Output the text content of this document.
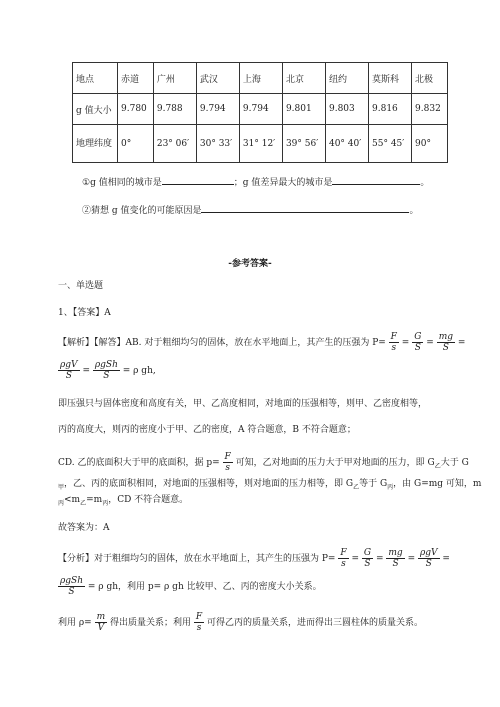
地点	赤道	广州	武汉	上海	北京	纽约	莫斯科	北极
g 值大小	9.780	9.788	9.794	9.794	9.801	9.803	9.816	9.832
地理纬度	0°	23° 06′	30° 33′	31° 12′	39° 56′	40° 40′	55° 45′	90°
①g 值相同的城市是	；g 值差异最大的城市是	。
②猜想 g 值变化的可能原因是	。
-参考答案-
一、单选题
1、【答案】A
【解析】【解答】AB. 对于粗细均匀的固体，放在水平地面上，其产生的压强为 $P= \frac{F}{s} = \frac{G}{S} = \frac{mg}{S}$ =
$\frac{\text{ρgV}}{S} = \frac{\text{ρgSh}}{S} = \rho$ gh,
即压强只与固体密度和高度有关，甲、乙高度相同，对地面的压强相等，则甲、乙密度相等，
丙的高度大，则丙的密度小于甲、乙的密度，A 符合题意，B 不符合题意；
CD. 乙的底面积大于甲的底面积，据 $p= \frac{F}{s}$ 可知，乙对地面的压力大于甲对地面的压力，即 $G_乙$大于 G
$_甲$，乙、丙的底面积相同，对地面的压强相等，则对地面的压力相等，即 $G_乙$等于 $G_丙$，由 G=mg 可知，m
$_丙<m_乙=m_丙$，CD 不符合题意。
故答案为：A
【分析】对于粗细均匀的固体，放在水平地面上，其产生的压强为 $P= \frac{F}{s} = \frac{G}{S} = \frac{mg}{S} = \frac{\text{ρgV}}{S}$ =
$\frac{\text{ρgSh}}{S} = \rho$ gh，利用 p= ρ gh 比较甲、乙、丙的密度大小关系。
利用 $\rho= \frac{m}{V}$ 得出质量关系；利用 $\frac{F}{s}$ 可得乙丙的质量关系，进而得出三圆柱体的质量关系。
